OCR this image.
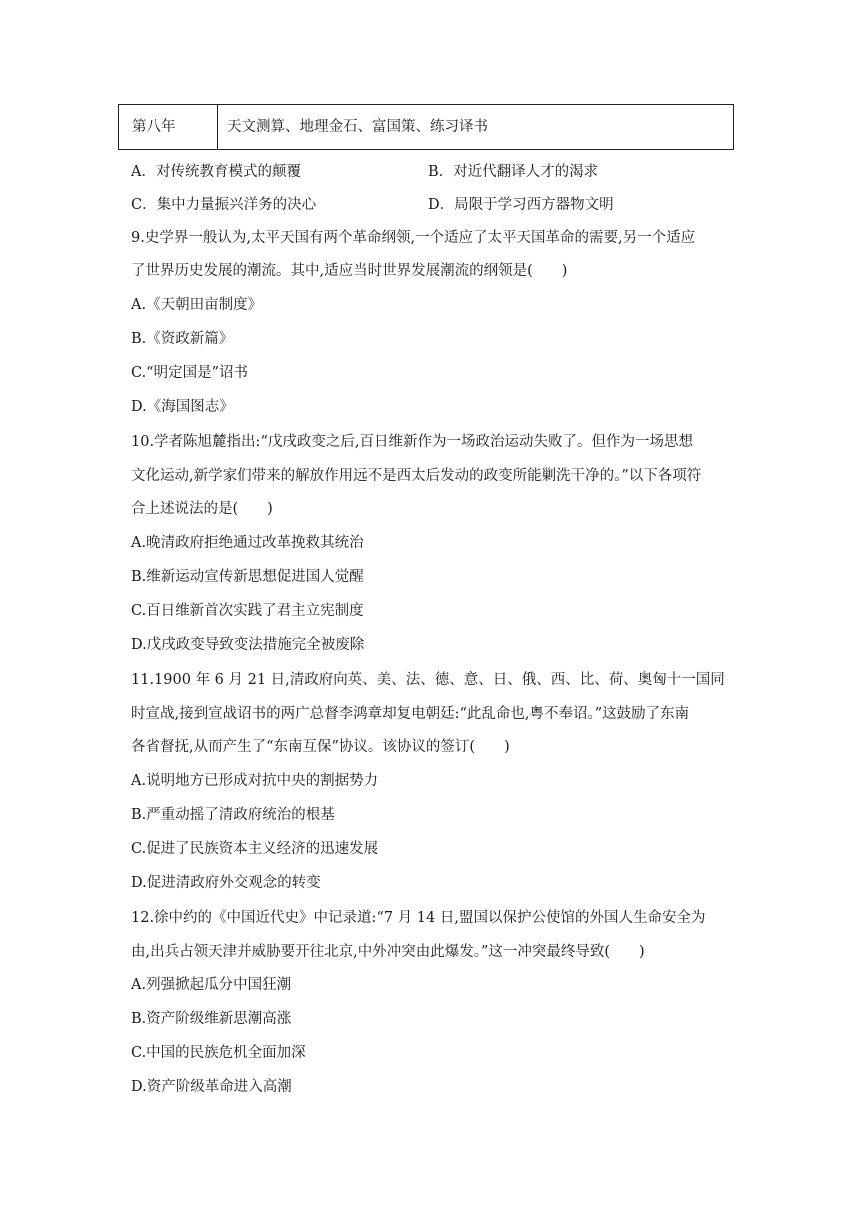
第八年	天文测算、地理金石、富国策、练习译书
A．对传统教育模式的颠覆	B．对近代翻译人才的渴求
C．集中力量振兴洋务的决心	D．局限于学习西方器物文明
9.史学界一般认为,太平天国有两个革命纲领,一个适应了太平天国革命的需要,另一个适应
了世界历史发展的潮流。其中,适应当时世界发展潮流的纲领是(　　)
A.《天朝田亩制度》
B.《资政新篇》
C.“明定国是”诏书
D.《海国图志》
10.学者陈旭麓指出:“戊戌政变之后,百日维新作为一场政治运动失败了。但作为一场思想
文化运动,新学家们带来的解放作用远不是西太后发动的政变所能剿洗干净的。”以下各项符
合上述说法的是(　　)
A.晚清政府拒绝通过改革挽救其统治
B.维新运动宣传新思想促进国人觉醒
C.百日维新首次实践了君主立宪制度
D.戊戌政变导致变法措施完全被废除
11.1900 年 6 月 21 日,清政府向英、美、法、德、意、日、俄、西、比、荷、奥匈十一国同
时宣战,接到宣战诏书的两广总督李鸿章却复电朝廷:“此乱命也,粤不奉诏。”这鼓励了东南
各省督抚,从而产生了“东南互保”协议。该协议的签订(　　)
A.说明地方已形成对抗中央的割据势力
B.严重动摇了清政府统治的根基
C.促进了民族资本主义经济的迅速发展
D.促进清政府外交观念的转变
12.徐中约的《中国近代史》中记录道:“7 月 14 日,盟国以保护公使馆的外国人生命安全为
由,出兵占领天津并威胁要开往北京,中外冲突由此爆发。”这一冲突最终导致(　　)
A.列强掀起瓜分中国狂潮
B.资产阶级维新思潮高涨
C.中国的民族危机全面加深
D.资产阶级革命进入高潮
